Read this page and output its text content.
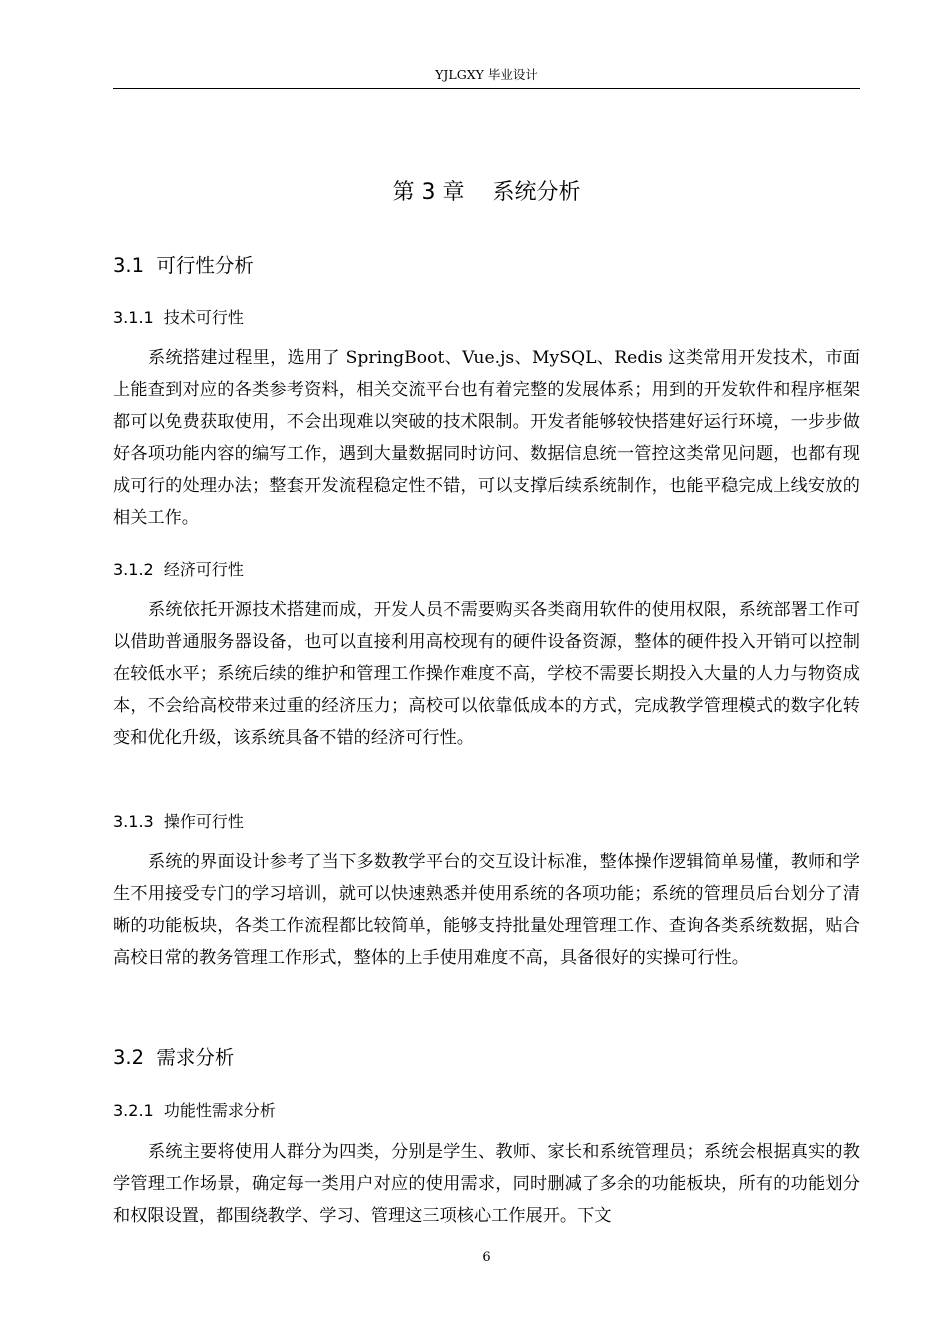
YJLGXY 毕业设计
第 3 章    系统分析
3.1  可行性分析
3.1.1  技术可行性
系统搭建过程里，选用了 SpringBoot、Vue.js、MySQL、Redis 这类常用开发技术，市面上能查到对应的各类参考资料，相关交流平台也有着完整的发展体系；用到的开发软件和程序框架都可以免费获取使用，不会出现难以突破的技术限制。开发者能够较快搭建好运行环境，一步步做好各项功能内容的编写工作，遇到大量数据同时访问、数据信息统一管控这类常见问题，也都有现成可行的处理办法；整套开发流程稳定性不错，可以支撑后续系统制作，也能平稳完成上线安放的相关工作。
3.1.2  经济可行性
系统依托开源技术搭建而成，开发人员不需要购买各类商用软件的使用权限，系统部署工作可以借助普通服务器设备，也可以直接利用高校现有的硬件设备资源，整体的硬件投入开销可以控制在较低水平；系统后续的维护和管理工作操作难度不高，学校不需要长期投入大量的人力与物资成本，不会给高校带来过重的经济压力；高校可以依靠低成本的方式，完成教学管理模式的数字化转变和优化升级，该系统具备不错的经济可行性。
3.1.3  操作可行性
系统的界面设计参考了当下多数教学平台的交互设计标准，整体操作逻辑简单易懂，教师和学生不用接受专门的学习培训，就可以快速熟悉并使用系统的各项功能；系统的管理员后台划分了清晰的功能板块，各类工作流程都比较简单，能够支持批量处理管理工作、查询各类系统数据，贴合高校日常的教务管理工作形式，整体的上手使用难度不高，具备很好的实操可行性。
3.2  需求分析
3.2.1  功能性需求分析
系统主要将使用人群分为四类，分别是学生、教师、家长和系统管理员；系统会根据真实的教学管理工作场景，确定每一类用户对应的使用需求，同时删减了多余的功能板块，所有的功能划分和权限设置，都围绕教学、学习、管理这三项核心工作展开。下文
6
